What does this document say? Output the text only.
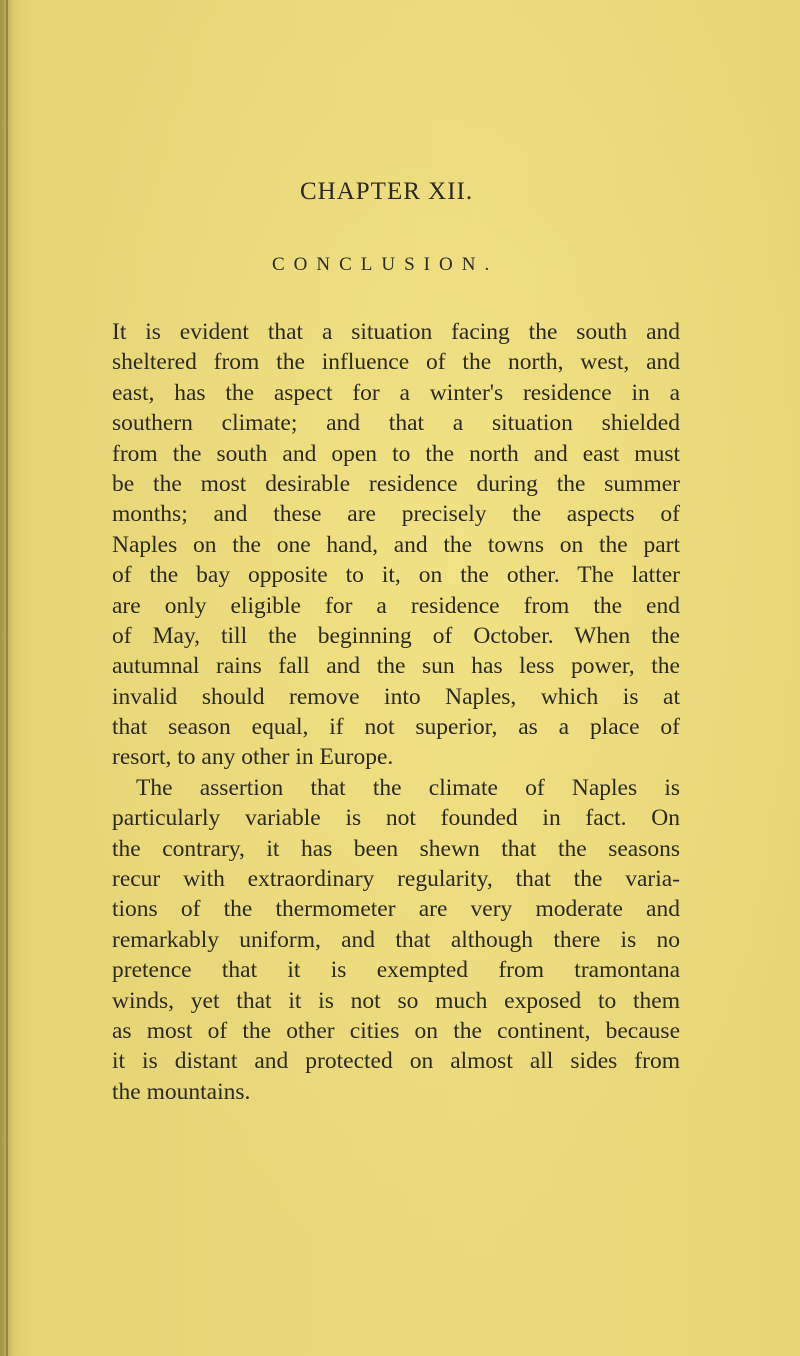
CHAPTER XII.
CONCLUSION.
It is evident that a situation facing the south and
sheltered from the influence of the north, west, and
east, has the aspect for a winter's residence in a
southern climate; and that a situation shielded
from the south and open to the north and east must
be the most desirable residence during the summer
months; and these are precisely the aspects of
Naples on the one hand, and the towns on the part
of the bay opposite to it, on the other. The latter
are only eligible for a residence from the end
of May, till the beginning of October. When the
autumnal rains fall and the sun has less power, the
invalid should remove into Naples, which is at
that season equal, if not superior, as a place of
resort, to any other in Europe.
The assertion that the climate of Naples is
particularly variable is not founded in fact. On
the contrary, it has been shewn that the seasons
recur with extraordinary regularity, that the varia-
tions of the thermometer are very moderate and
remarkably uniform, and that although there is no
pretence that it is exempted from tramontana
winds, yet that it is not so much exposed to them
as most of the other cities on the continent, because
it is distant and protected on almost all sides from
the mountains.
